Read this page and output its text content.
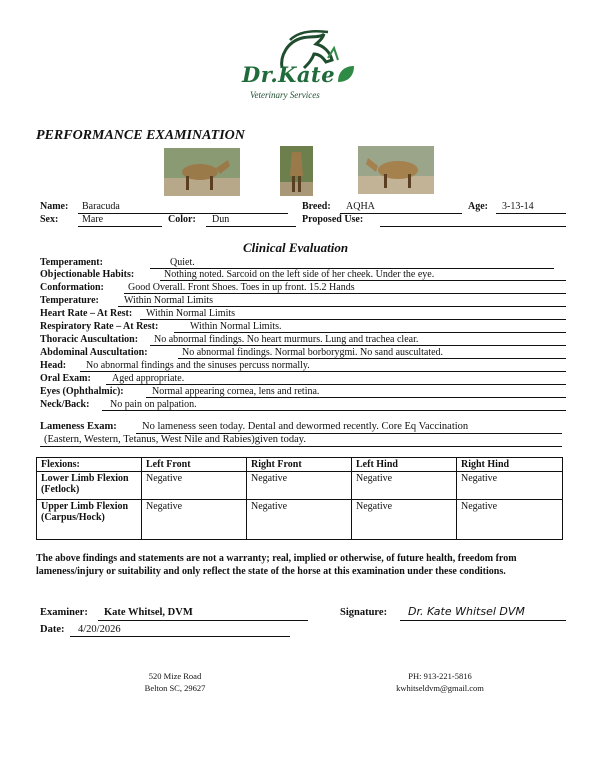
Dr.Kate
Veterinary Services
PERFORMANCE EXAMINATION
Name: Baracuda	Breed: AQHA	Age: 3-13-14
Sex: Mare	Color: Dun	Proposed Use:
Clinical Evaluation
Temperament:	Quiet.
Objectionable Habits:	Nothing noted. Sarcoid on the left side of her cheek. Under the eye.
Conformation: Good Overall. Front Shoes. Toes in up front. 15.2 Hands
Temperature:	Within Normal Limits
Heart Rate – At Rest: Within Normal Limits
Respiratory Rate – At Rest:	Within Normal Limits.
Thoracic Auscultation: No abnormal findings. No heart murmurs. Lung and trachea clear.
Abdominal Auscultation:	No abnormal findings. Normal borborygmi. No sand auscultated.
Head: No abnormal findings and the sinuses percuss normally.
Oral Exam: Aged appropriate.
Eyes (Ophthalmic):	Normal appearing cornea, lens and retina.
Neck/Back: No pain on palpation.
Lameness Exam: No lameness seen today. Dental and dewormed recently. Core Eq Vaccination
(Eastern, Western, Tetanus, West Nile and Rabies)given today.
Flexions:	Left Front	Right Front	Left Hind	Right Hind
Lower Limb Flexion (Fetlock)	Negative	Negative	Negative	Negative
Upper Limb Flexion (Carpus/Hock)	Negative	Negative	Negative	Negative
The above findings and statements are not a warranty; real, implied or otherwise, of future health, freedom from lameness/injury or suitability and only reflect the state of the horse at this examination under these conditions.
Examiner: Kate Whitsel, DVM	Signature: Dr. Kate Whitsel DVM
Date: 4/20/2026
520 Mize Road
Belton SC, 29627
PH: 913-221-5816
kwhitseldvm@gmail.com
